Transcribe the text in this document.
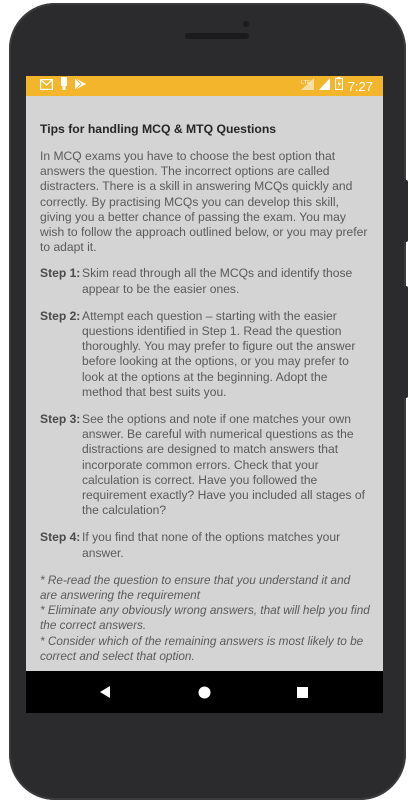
LTE	7:27
Tips for handling MCQ & MTQ Questions
In MCQ exams you have to choose the best option that answers the question. The incorrect options are called distracters. There is a skill in answering MCQs quickly and correctly. By practising MCQs you can develop this skill, giving you a better chance of passing the exam. You may wish to follow the approach outlined below, or you may prefer to adapt it.
Step 1: Skim read through all the MCQs and identify those appear to be the easier ones.
Step 2: Attempt each question – starting with the easier questions identified in Step 1. Read the question thoroughly. You may prefer to figure out the answer before looking at the options, or you may prefer to look at the options at the beginning. Adopt the method that best suits you.
Step 3: See the options and note if one matches your own answer. Be careful with numerical questions as the distractions are designed to match answers that incorporate common errors. Check that your calculation is correct. Have you followed the requirement exactly? Have you included all stages of the calculation?
Step 4: If you find that none of the options matches your answer.
* Re-read the question to ensure that you understand it and are answering the requirement
* Eliminate any obviously wrong answers, that will help you find the correct answers.
* Consider which of the remaining answers is most likely to be correct and select that option.
